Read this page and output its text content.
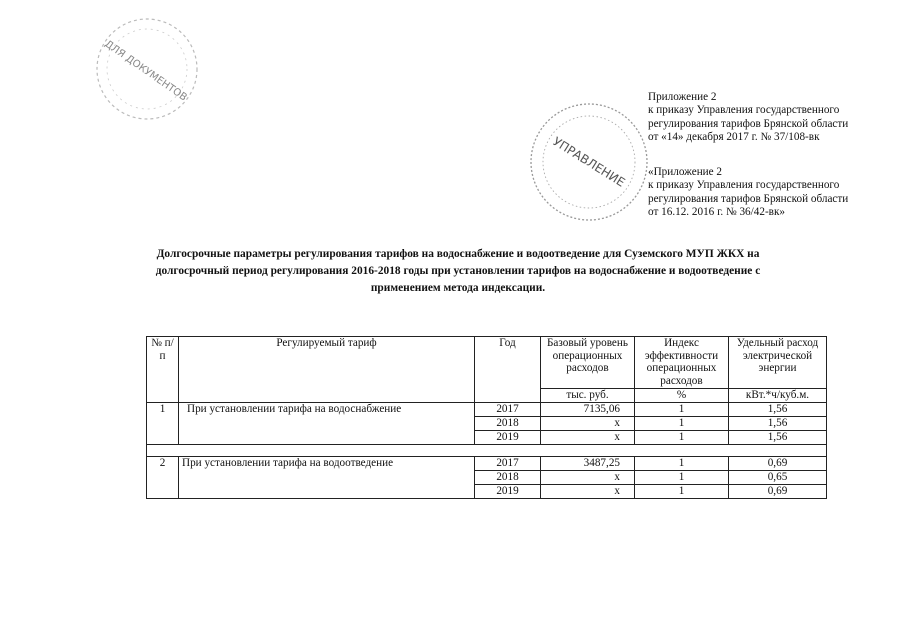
ДЛЯ ДОКУМЕНТОВ
УПРАВЛЕНИЕ
Приложение 2
к приказу Управления государственного
регулирования тарифов Брянской области
от «14» декабря 2017 г. № 37/108-вк
«Приложение 2
к приказу Управления государственного
регулирования тарифов Брянской области
от 16.12. 2016 г. № 36/42-вк»
Долгосрочные параметры регулирования тарифов на водоснабжение и водоотведение для Суземского МУП ЖКХ на
долгосрочный период регулирования 2016-2018 годы при установлении тарифов на водоснабжение и водоотведение с
применением метода индексации.
№ п/п	Регулируемый тариф	Год	Базовый уровень операционных расходов	Индекс эффективности операционных расходов	Удельный расход электрической энергии
			тыс. руб.	%	кВт.*ч/куб.м.
1	При установлении тарифа на водоснабжение	2017	7135,06	1	1,56
		2018	х	1	1,56
		2019	х	1	1,56

2	При установлении тарифа на водоотведение	2017	3487,25	1	0,69
		2018	х	1	0,65
		2019	х	1	0,69
